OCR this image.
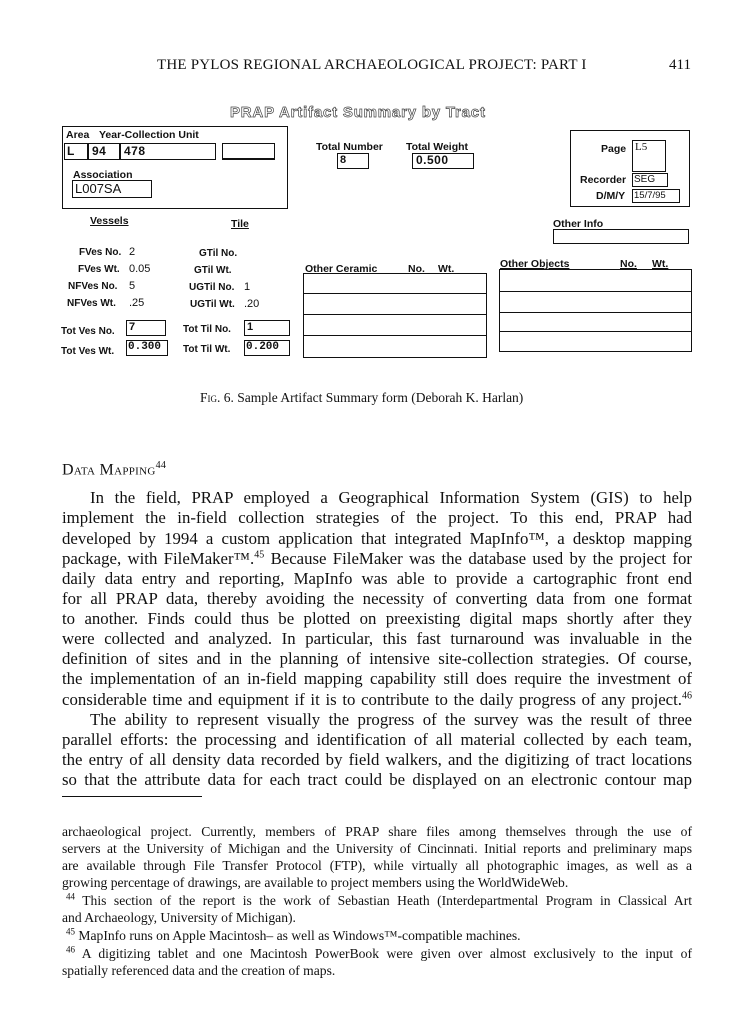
THE PYLOS REGIONAL ARCHAEOLOGICAL PROJECT: PART I	411
PRAP Artifact Summary by Tract
Area Year-Collection Unit
L 94 478
Association
L007SA
Total Number
8
Total Weight
0.500
Page L5
Recorder SEG
D/M/Y 15/7/95
Other Info
Vessels	Tile
FVes No. 2
FVes Wt. 0.05
NFVes No. 5
NFVes Wt. .25
GTil No.
GTil Wt.
UGTil No. 1
UGTil Wt. .20
Tot Ves No. 7
Tot Ves Wt. 0.300
Tot Til No. 1
Tot Til Wt. 0.200
Other Ceramic	No. Wt.	Other Objects	No. Wt.
Fig. 6. Sample Artifact Summary form (Deborah K. Harlan)
Data Mapping$^{44}$
In the field, PRAP employed a Geographical Information System (GIS) to help
implement the in-field collection strategies of the project. To this end, PRAP had
developed by 1994 a custom application that integrated MapInfo™, a desktop mapping
package, with FileMaker™.$^{45}$ Because FileMaker was the database used by the project for
daily data entry and reporting, MapInfo was able to provide a cartographic front end
for all PRAP data, thereby avoiding the necessity of converting data from one format
to another. Finds could thus be plotted on preexisting digital maps shortly after they
were collected and analyzed. In particular, this fast turnaround was invaluable in the
definition of sites and in the planning of intensive site-collection strategies. Of course,
the implementation of an in-field mapping capability still does require the investment of
considerable time and equipment if it is to contribute to the daily progress of any project.$^{46}$
The ability to represent visually the progress of the survey was the result of three
parallel efforts: the processing and identification of all material collected by each team,
the entry of all density data recorded by field walkers, and the digitizing of tract locations
so that the attribute data for each tract could be displayed on an electronic contour map
archaeological project. Currently, members of PRAP share files among themselves through the use of
servers at the University of Michigan and the University of Cincinnati. Initial reports and preliminary maps
are available through File Transfer Protocol (FTP), while virtually all photographic images, as well as a
growing percentage of drawings, are available to project members using the WorldWideWeb.
$^{44}$ This section of the report is the work of Sebastian Heath (Interdepartmental Program in Classical Art
and Archaeology, University of Michigan).
$^{45}$ MapInfo runs on Apple Macintosh– as well as Windows™-compatible machines.
$^{46}$ A digitizing tablet and one Macintosh PowerBook were given over almost exclusively to the input of
spatially referenced data and the creation of maps.
